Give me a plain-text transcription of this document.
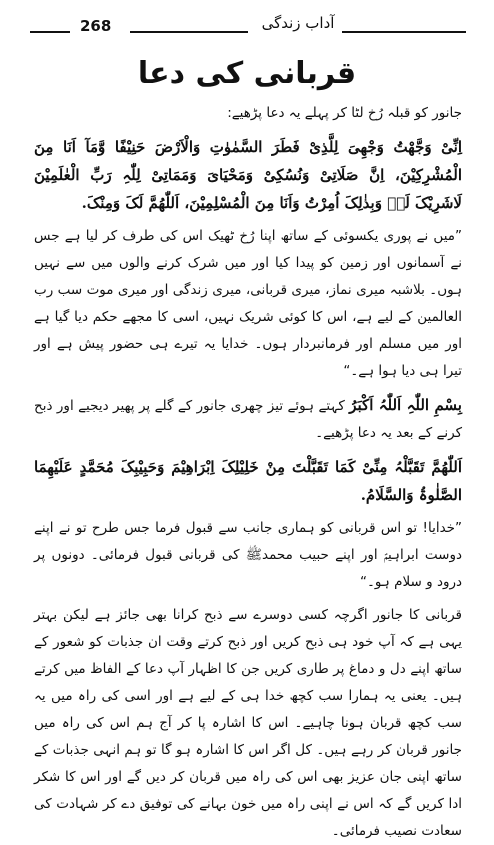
268	آداب زندگی
قربانی کی دعا

جانور کو قبلہ رُخ لٹا کر پہلے یہ دعا پڑھیے:

اِنِّیْ وَجَّھْتُ وَجْھِیَ لِلَّذِیْ فَطَرَ السَّمٰوٰتِ وَالْاَرْضَ حَنِیْفًا وَّمَآ اَنَا مِنَ الْمُشْرِکِیْنَ، اِنَّ صَلَاتِیْ وَنُسُکِیْ وَمَحْیَایَ وَمَمَاتِیْ لِلّٰہِ رَبِّ الْعٰلَمِیْنَ لَاشَرِیْکَ لَہٗ وَبِذٰلِکَ اُمِرْتُ وَاَنَا مِنَ الْمُسْلِمِیْنَ، اَللّٰھُمَّ لَکَ وَمِنْکَ.

”میں نے پوری یکسوئی کے ساتھ اپنا رُخ ٹھیک اس کی طرف کر لیا ہے جس نے آسمانوں اور زمین کو پیدا کیا اور میں شرک کرنے والوں میں سے نہیں ہوں۔ بلاشبہ میری نماز، میری قربانی، میری زندگی اور میری موت سب رب العالمین کے لیے ہے، اس کا کوئی شریک نہیں، اسی کا مجھے حکم دیا گیا ہے اور میں مسلم اور فرمانبردار ہوں۔ خدایا یہ تیرے ہی حضور پیش ہے اور تیرا ہی دیا ہوا ہے۔“

بِسْمِ اللّٰہِ اَللّٰہُ اَکْبَرُ کہتے ہوئے تیز چھری جانور کے گلے پر پھیر دیجیے اور ذبح کرنے کے بعد یہ دعا پڑھیے۔

اَللّٰھُمَّ تَقَبَّلْہُ مِنِّیْ کَمَا تَقَبَّلْتَ مِنْ خَلِیْلِکَ اِبْرَاھِیْمَ وَحَبِیْبِکَ مُحَمَّدٍ عَلَیْھِمَا الصَّلٰوۃُ وَالسَّلَامُ.

”خدایا! تو اس قربانی کو ہماری جانب سے قبول فرما جس طرح تو نے اپنے دوست ابراہیمؑ اور اپنے حبیب محمدﷺ کی قربانی قبول فرمائی۔ دونوں پر درود و سلام ہو۔“

قربانی کا جانور اگرچہ کسی دوسرے سے ذبح کرانا بھی جائز ہے لیکن بہتر یہی ہے کہ آپ خود ہی ذبح کریں اور ذبح کرتے وقت ان جذبات کو شعور کے ساتھ اپنے دل و دماغ پر طاری کریں جن کا اظہار آپ دعا کے الفاظ میں کرتے ہیں۔ یعنی یہ ہمارا سب کچھ خدا ہی کے لیے ہے اور اسی کی راہ میں یہ سب کچھ قربان ہونا چاہیے۔ اس کا اشارہ پا کر آج ہم اس کی راہ میں جانور قربان کر رہے ہیں۔ کل اگر اس کا اشارہ ہو گا تو ہم انہی جذبات کے ساتھ اپنی جان عزیز بھی اس کی راہ میں قربان کر دیں گے اور اس کا شکر ادا کریں گے کہ اس نے اپنی راہ میں خون بہانے کی توفیق دے کر شہادت کی سعادت نصیب فرمائی۔
